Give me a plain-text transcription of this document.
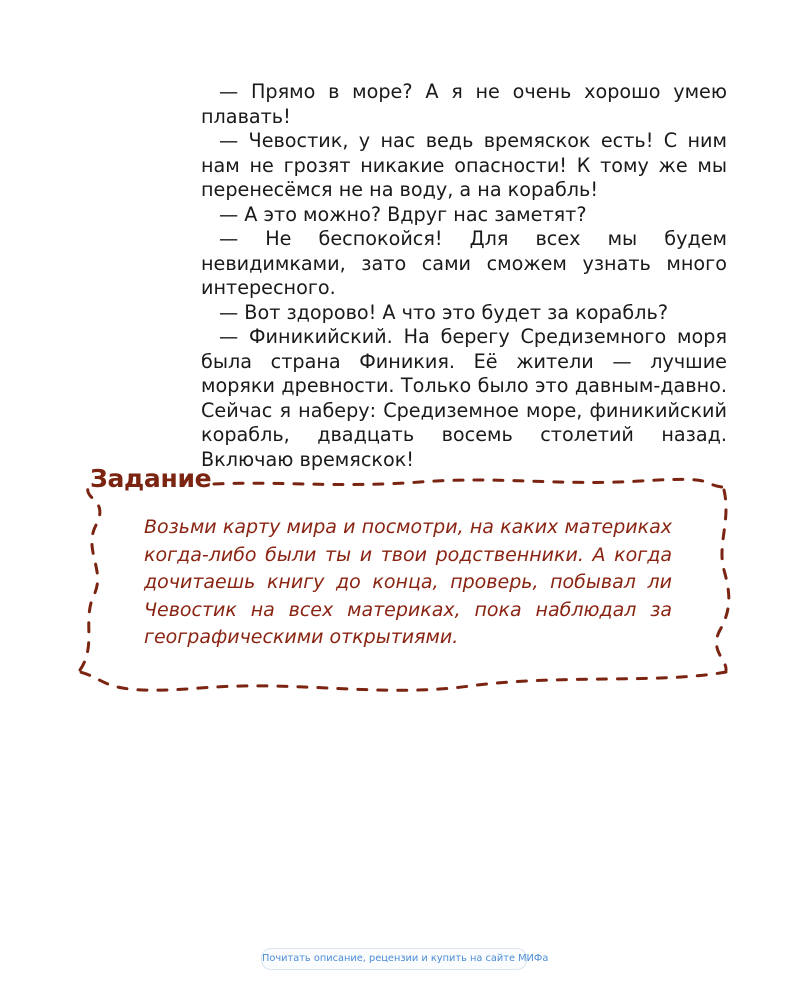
— Прямо в море? А я не очень хорошо умею плавать!

— Чевостик, у нас ведь времяскок есть! С ним нам не грозят никакие опасности! К тому же мы перенесёмся не на воду, а на корабль!

— А это можно? Вдруг нас заметят?

— Не беспокойся! Для всех мы будем невидимками, зато сами сможем узнать много интересного.

— Вот здорово! А что это будет за корабль?

— Финикийский. На берегу Средиземного моря была страна Финикия. Её жители — лучшие моряки древности. Только было это давным-давно. Сейчас я наберу: Средиземное море, финикийский корабль, двадцать восемь столетий назад. Включаю времяскок!

Задание

Возьми карту мира и посмотри, на каких материках когда-либо были ты и твои родственники. А когда дочитаешь книгу до конца, проверь, побывал ли Чевостик на всех материках, пока наблюдал за географическими открытиями.

Почитать описание, рецензии и купить на сайте МИФа
